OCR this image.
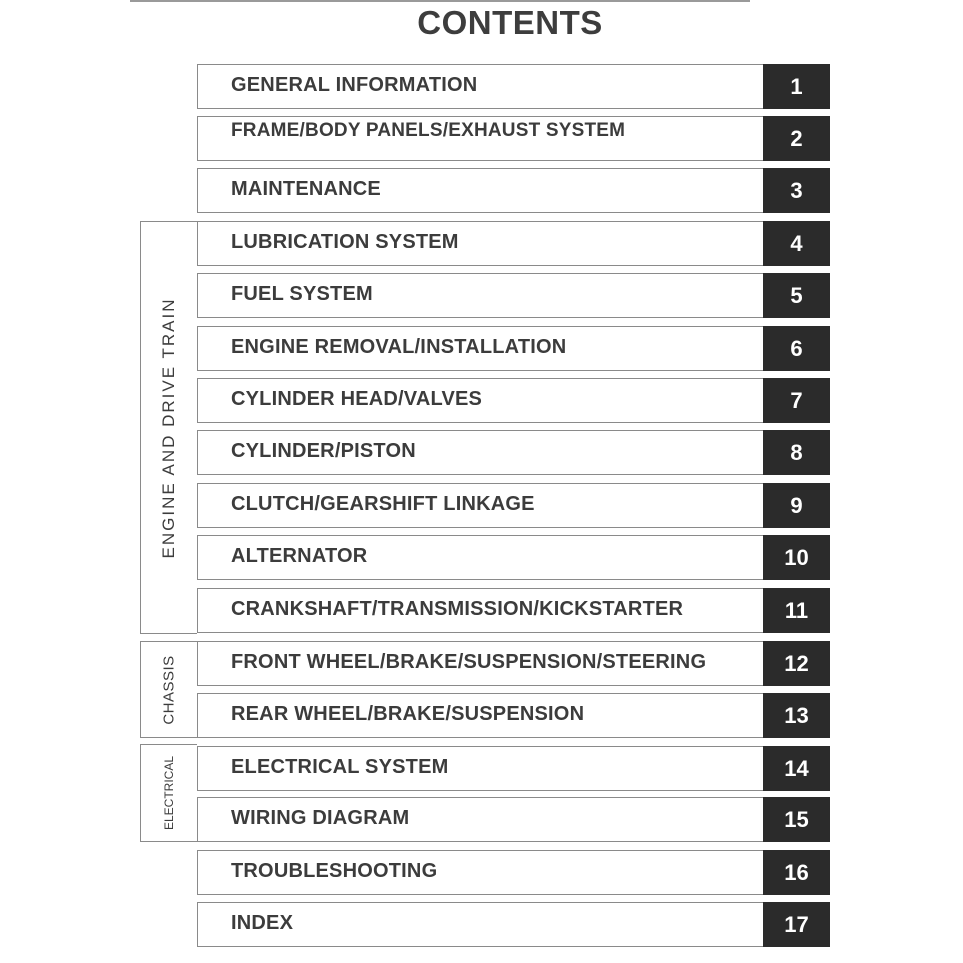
CONTENTS
ENGINE AND DRIVE TRAIN
CHASSIS
ELECTRICAL
GENERAL INFORMATION	1
FRAME/BODY PANELS/EXHAUST SYSTEM	2
MAINTENANCE	3
LUBRICATION SYSTEM	4
FUEL SYSTEM	5
ENGINE REMOVAL/INSTALLATION	6
CYLINDER HEAD/VALVES	7
CYLINDER/PISTON	8
CLUTCH/GEARSHIFT LINKAGE	9
ALTERNATOR	10
CRANKSHAFT/TRANSMISSION/KICKSTARTER	11
FRONT WHEEL/BRAKE/SUSPENSION/STEERING	12
REAR WHEEL/BRAKE/SUSPENSION	13
ELECTRICAL SYSTEM	14
WIRING DIAGRAM	15
TROUBLESHOOTING	16
INDEX	17
